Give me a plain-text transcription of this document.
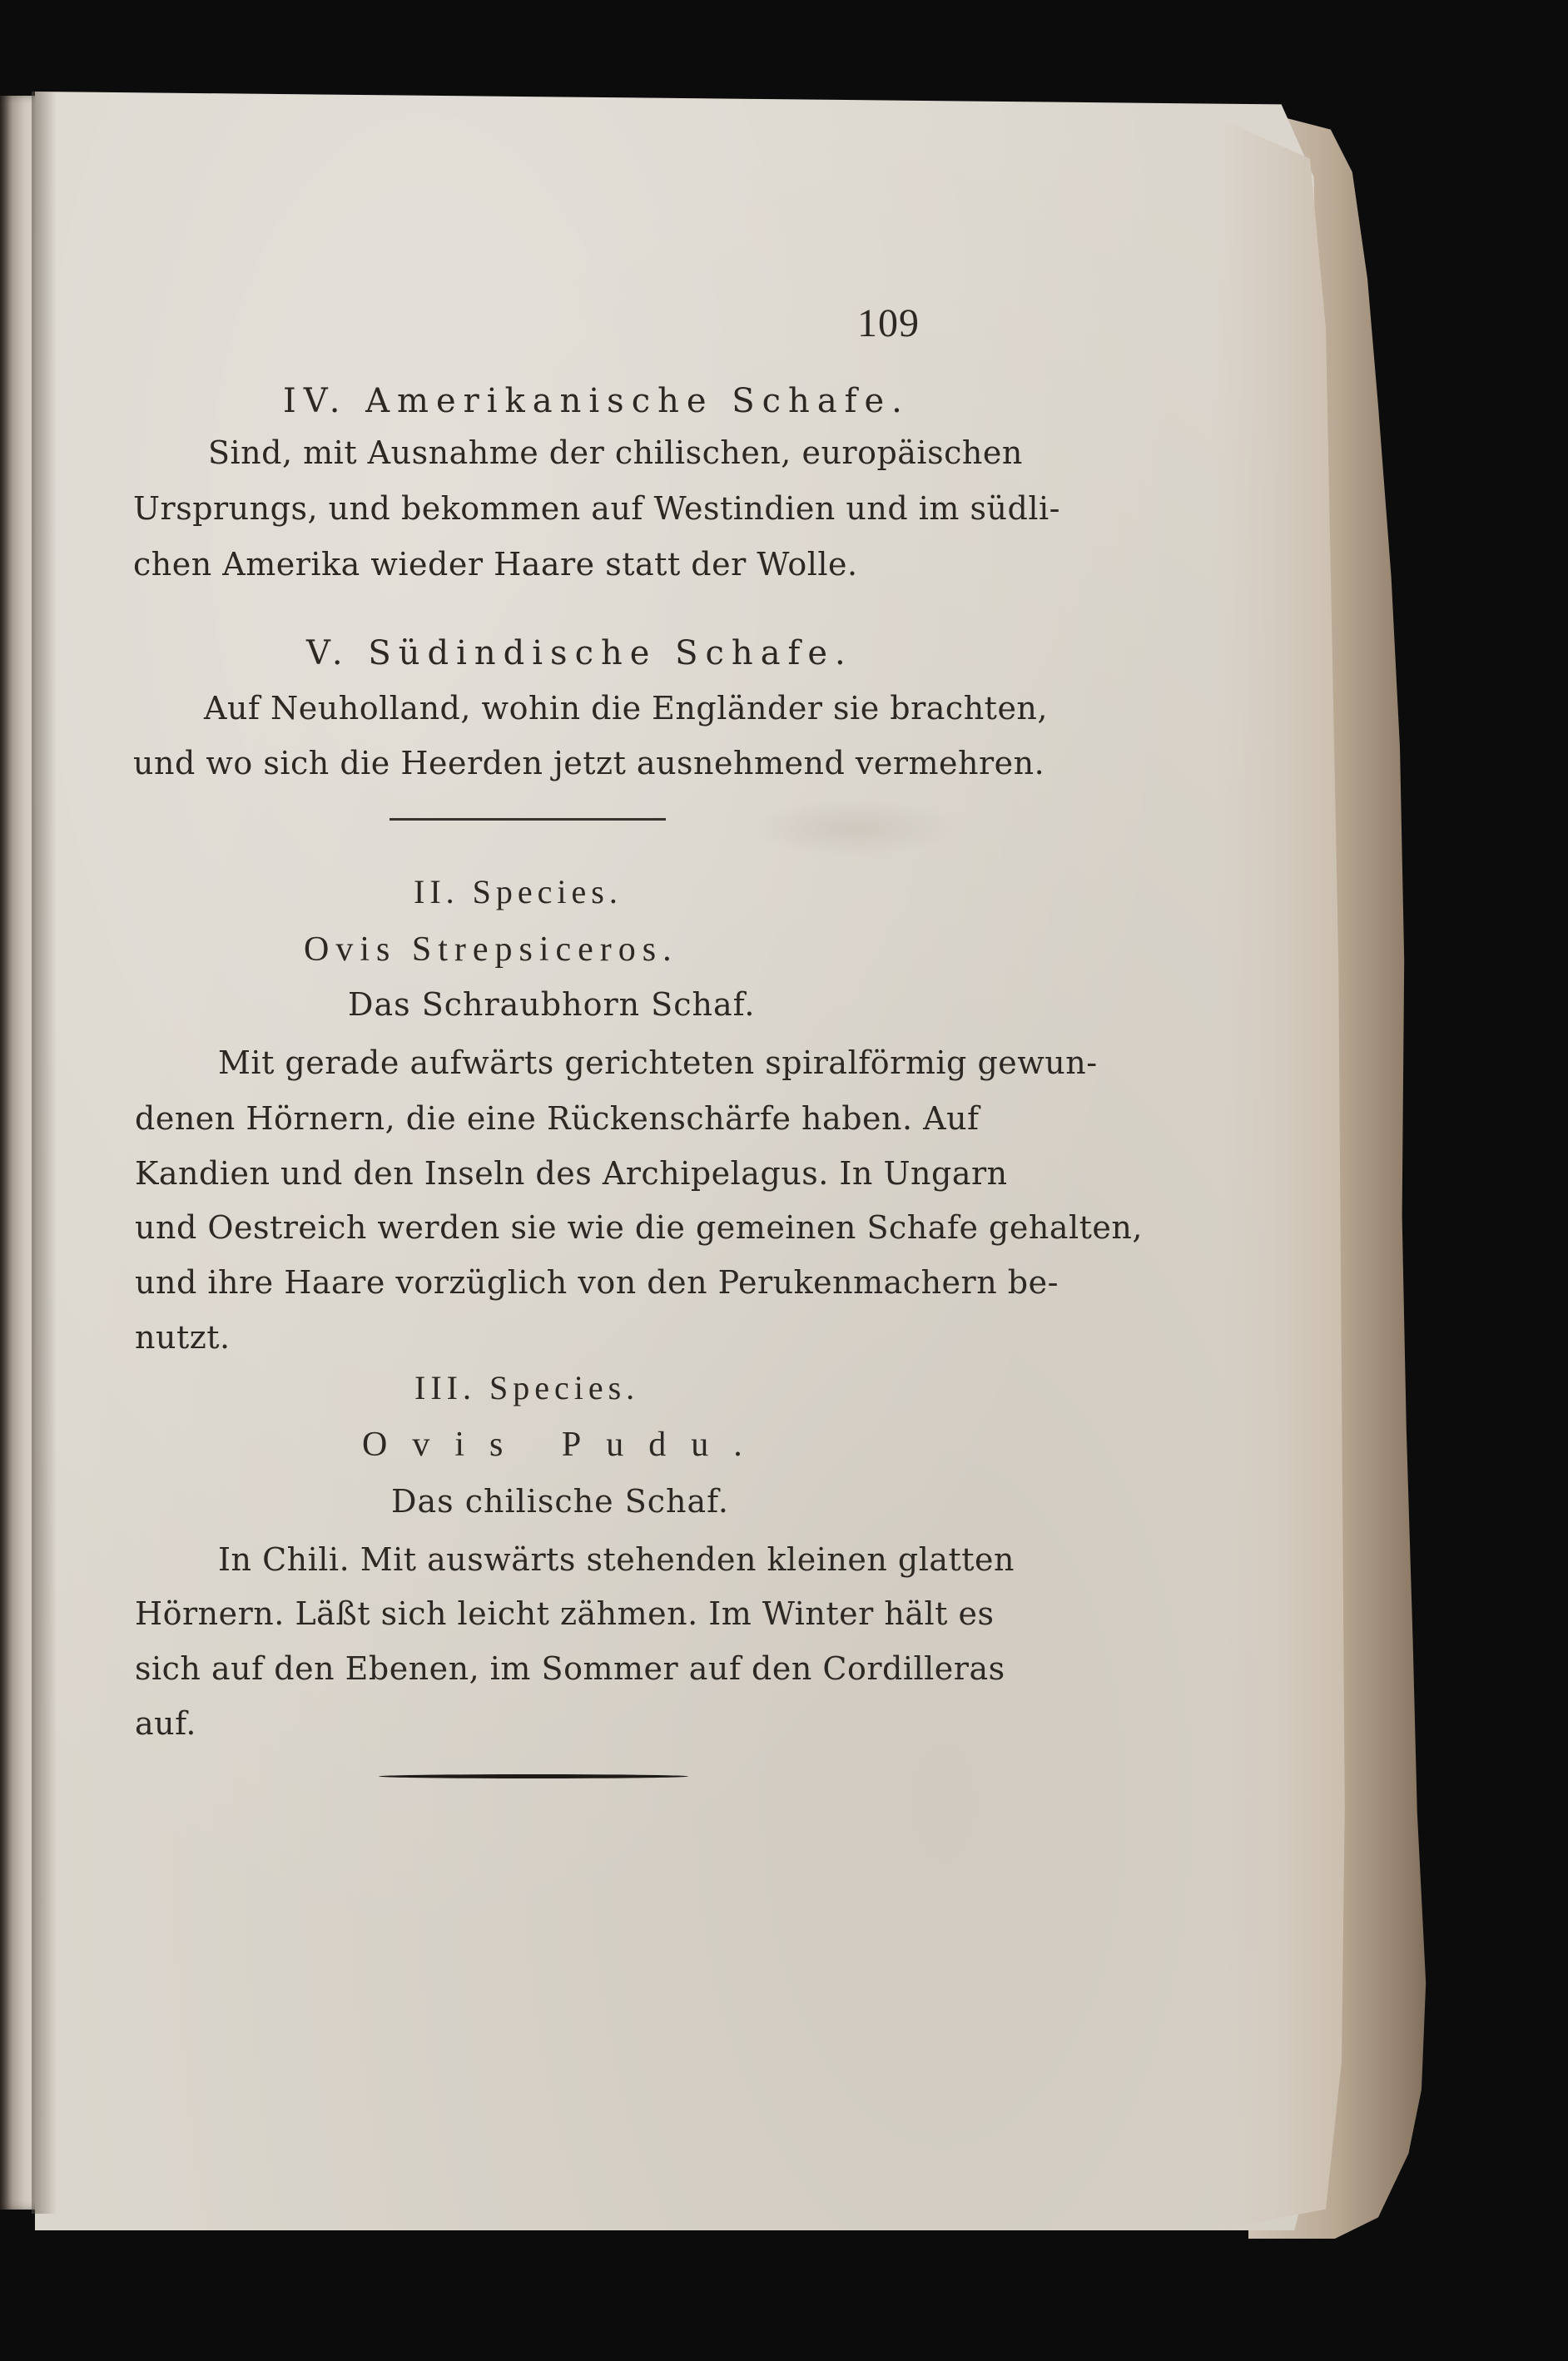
109
IV. Amerikanische Schafe.
Sind, mit Ausnahme der chilischen, europäischen
Ursprungs, und bekommen auf Westindien und im südli-
chen Amerika wieder Haare statt der Wolle.
V. Südindische Schafe.
Auf Neuholland, wohin die Engländer sie brachten,
und wo sich die Heerden jetzt ausnehmend vermehren.
II. Species.
Ovis Strepsiceros.
Das Schraubhorn Schaf.
Mit gerade aufwärts gerichteten spiralförmig gewun-
denen Hörnern, die eine Rückenschärfe haben. Auf
Kandien und den Inseln des Archipelagus. In Ungarn
und Oestreich werden sie wie die gemeinen Schafe gehalten,
und ihre Haare vorzüglich von den Perukenmachern be-
nutzt.
III. Species.
Ovis Pudu.
Das chilische Schaf.
In Chili. Mit auswärts stehenden kleinen glatten
Hörnern. Läßt sich leicht zähmen. Im Winter hält es
sich auf den Ebenen, im Sommer auf den Cordilleras
auf.
